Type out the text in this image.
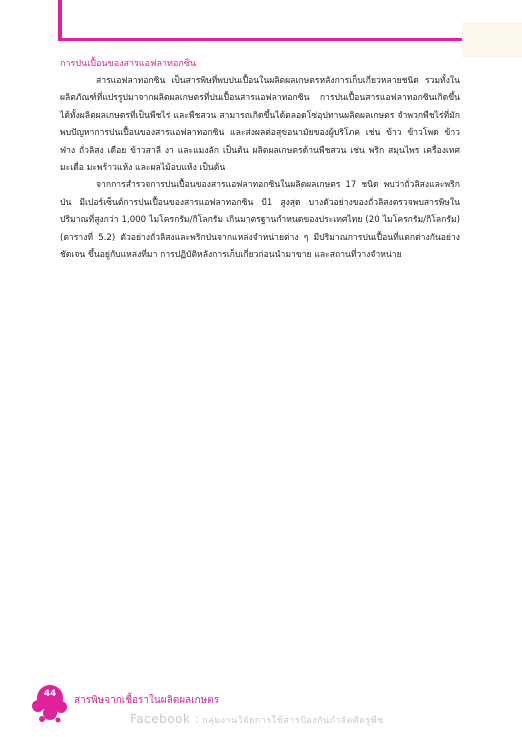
การปนเปื้อนของสารแอฟลาทอกซิน

สารแอฟลาทอกซิน เป็นสารพิษที่พบปนเปื้อนในผลิตผลเกษตรหลังการเก็บเกี่ยวหลายชนิด รวมทั้งในผลิตภัณฑ์ที่แปรรูปมาจากผลิตผลเกษตรที่ปนเปื้อนสารแอฟลาทอกซิน การปนเปื้อนสารแอฟลาทอกซินเกิดขึ้นได้ทั้งผลิตผลเกษตรที่เป็นพืชไร่ และพืชสวน สามารถเกิดขึ้นได้ตลอดโซ่อุปทานผลิตผลเกษตร จำพวกพืชไร่ที่มักพบปัญหาการปนเปื้อนของสารแอฟลาทอกซิน และส่งผลต่อสุขอนามัยของผู้บริโภค เช่น ข้าว ข้าวโพด ข้าวฟ่าง ถั่วลิสง เดือย ข้าวสาลี งา และแมงลัก เป็นต้น ผลิตผลเกษตรด้านพืชสวน เช่น พริก สมุนไพร เครื่องเทศ มะเดื่อ มะพร้าวแห้ง และผลไม้อบแห้ง เป็นต้น

จากการสำรวจการปนเปื้อนของสารแอฟลาทอกซินในผลิตผลเกษตร 17 ชนิด พบว่าถั่วลิสงและพริกป่น มีเปอร์เซ็นต์การปนเปื้อนของสารแอฟลาทอกซิน บี1 สูงสุด บางตัวอย่างของถั่วลิสงตรวจพบสารพิษในปริมาณที่สูงกว่า 1,000 ไมโครกรัม/กิโลกรัม เกินมาตรฐานกำหนดของประเทศไทย (20 ไมโครกรัม/กิโลกรัม) (ตารางที่ 5.2) ตัวอย่างถั่วลิสงและพริกป่นจากแหล่งจำหน่ายต่าง ๆ มีปริมาณการปนเปื้อนที่แตกต่างกันอย่างชัดเจน ขึ้นอยู่กับแหล่งที่มา การปฏิบัติหลังการเก็บเกี่ยวก่อนนำมาขาย และสถานที่วางจำหน่าย

44
สารพิษจากเชื้อราในผลิตผลเกษตร
Facebook : กลุ่มงานวิจัยการใช้สารป้องกันกำจัดศัตรูพืช
